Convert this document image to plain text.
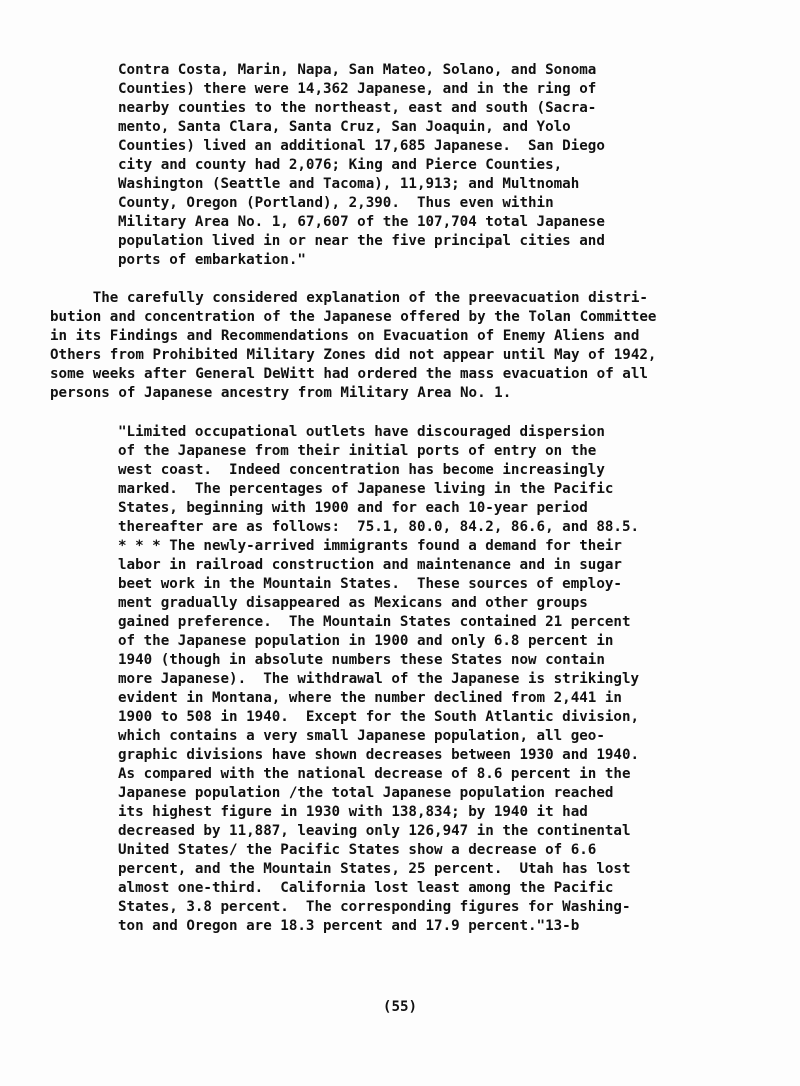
Contra Costa, Marin, Napa, San Mateo, Solano, and Sonoma
Counties) there were 14,362 Japanese, and in the ring of
nearby counties to the northeast, east and south (Sacra-
mento, Santa Clara, Santa Cruz, San Joaquin, and Yolo
Counties) lived an additional 17,685 Japanese.  San Diego
city and county had 2,076; King and Pierce Counties,
Washington (Seattle and Tacoma), 11,913; and Multnomah
County, Oregon (Portland), 2,390.  Thus even within
Military Area No. 1, 67,607 of the 107,704 total Japanese
population lived in or near the five principal cities and
ports of embarkation."
The carefully considered explanation of the preevacuation distri-
bution and concentration of the Japanese offered by the Tolan Committee
in its Findings and Recommendations on Evacuation of Enemy Aliens and
Others from Prohibited Military Zones did not appear until May of 1942,
some weeks after General DeWitt had ordered the mass evacuation of all
persons of Japanese ancestry from Military Area No. 1.
"Limited occupational outlets have discouraged dispersion
of the Japanese from their initial ports of entry on the
west coast.  Indeed concentration has become increasingly
marked.  The percentages of Japanese living in the Pacific
States, beginning with 1900 and for each 10-year period
thereafter are as follows:  75.1, 80.0, 84.2, 86.6, and 88.5.
* * * The newly-arrived immigrants found a demand for their
labor in railroad construction and maintenance and in sugar
beet work in the Mountain States.  These sources of employ-
ment gradually disappeared as Mexicans and other groups
gained preference.  The Mountain States contained 21 percent
of the Japanese population in 1900 and only 6.8 percent in
1940 (though in absolute numbers these States now contain
more Japanese).  The withdrawal of the Japanese is strikingly
evident in Montana, where the number declined from 2,441 in
1900 to 508 in 1940.  Except for the South Atlantic division,
which contains a very small Japanese population, all geo-
graphic divisions have shown decreases between 1930 and 1940.
As compared with the national decrease of 8.6 percent in the
Japanese population /the total Japanese population reached
its highest figure in 1930 with 138,834; by 1940 it had
decreased by 11,887, leaving only 126,947 in the continental
United States/ the Pacific States show a decrease of 6.6
percent, and the Mountain States, 25 percent.  Utah has lost
almost one-third.  California lost least among the Pacific
States, 3.8 percent.  The corresponding figures for Washing-
ton and Oregon are 18.3 percent and 17.9 percent."13-b
(55)
